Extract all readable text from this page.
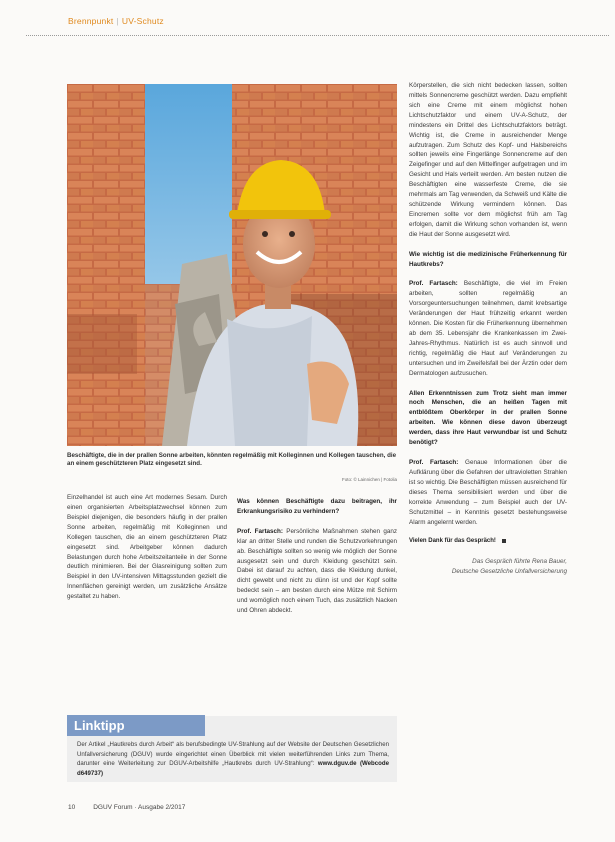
Brennpunkt | UV-Schutz
Beschäftigte, die in der prallen Sonne arbeiten, könnten regelmäßig mit Kolleginnen und Kollegen tauschen, die an einem geschützteren Platz eingesetzt sind.
Foto: © Lainnichen | Fotolia

Einzelhandel ist auch eine Art modernes Sesam. Durch einen organisierten Arbeitsplatzwechsel können zum Beispiel diejenigen, die besonders häufig in der prallen Sonne arbeiten, regelmäßig mit Kolleginnen und Kollegen tauschen, die an einem geschützteren Platz eingesetzt sind. Arbeitgeber können dadurch Belastungen durch hohe Arbeitszeitanteile in der Sonne deutlich minimieren. Bei der Glasreinigung sollten zum Beispiel in den UV-intensiven Mittagsstunden gezielt die Innenflächen gereinigt werden, um zusätzliche Ansätze gestaltet zu haben.

Was können Beschäftigte dazu beitragen, ihr Erkrankungsrisiko zu verhindern?

Prof. Fartasch: Persönliche Maßnahmen stehen ganz klar an dritter Stelle und runden die Schutzvorkehrungen ab. Beschäftigte sollten so wenig wie möglich der Sonne ausgesetzt sein und durch Kleidung geschützt sein. Dabei ist darauf zu achten, dass die Kleidung dunkel, dicht gewebt und nicht zu dünn ist und der Kopf sollte bedeckt sein – am besten durch eine Mütze mit Schirm und womöglich noch einem Tuch, das zusätzlich Nacken und Ohren abdeckt.

Linktipp
Der Artikel „Hautkrebs durch Arbeit“ als berufsbedingte UV-Strahlung auf der Website der Deutschen Gesetzlichen Unfallversicherung (DGUV) wurde eingerichtet einen Überblick mit vielen weiterführenden Links zum Thema, darunter eine Weiterleitung zur DGUV-Arbeitshilfe „Hautkrebs durch UV-Strahlung“: www.dguv.de (Webcode d649737)

Körperstellen, die sich nicht bedecken lassen, sollten mittels Sonnencreme geschützt werden. Dazu empfiehlt sich eine Creme mit einem möglichst hohen Lichtschutzfaktor und einem UV-A-Schutz, der mindestens ein Drittel des Lichtschutzfaktors beträgt. Wichtig ist, die Creme in ausreichender Menge aufzutragen. Zum Schutz des Kopf- und Halsbereichs sollten jeweils eine Fingerlänge Sonnencreme auf den Zeigefinger und auf den Mittelfinger aufgetragen und im Gesicht und Hals verteilt werden. Am besten nutzen die Beschäftigten eine wasserfeste Creme, die sie mehrmals am Tag verwenden, da Schweiß und Kälte die schützende Wirkung vermindern können. Das Eincremen sollte vor dem möglichst früh am Tag erfolgen, damit die Wirkung schon vorhanden ist, wenn die Haut der Sonne ausgesetzt wird.

Wie wichtig ist die medizinische Früherkennung für Hautkrebs?

Prof. Fartasch: Beschäftigte, die viel im Freien arbeiten, sollten regelmäßig an Vorsorgeuntersuchungen teilnehmen, damit krebsartige Veränderungen der Haut frühzeitig erkannt werden können. Die Kosten für die Früherkennung übernehmen ab dem 35. Lebensjahr die Krankenkassen im Zwei-Jahres-Rhythmus. Natürlich ist es auch sinnvoll und richtig, regelmäßig die Haut auf Veränderungen zu untersuchen und im Zweifelsfall bei der Ärztin oder dem Dermatologen aufzusuchen.

Allen Erkenntnissen zum Trotz sieht man immer noch Menschen, die an heißen Tagen mit entblößtem Oberkörper in der prallen Sonne arbeiten. Wie können diese davon überzeugt werden, dass ihre Haut verwundbar ist und Schutz benötigt?

Prof. Fartasch: Genaue Informationen über die Aufklärung über die Gefahren der ultravioletten Strahlen ist so wichtig. Die Beschäftigten müssen ausreichend für dieses Thema sensibilisiert werden und über die korrekte Anwendung – zum Beispiel auch der UV-Schutzmittel – in Kenntnis gesetzt bestehungsweise Alarm angelernt werden.

Vielen Dank für das Gespräch!

Das Gespräch führte Rena Bauer,
Deutsche Gesetzliche Unfallversicherung
10	DGUV Forum · Ausgabe 2/2017
